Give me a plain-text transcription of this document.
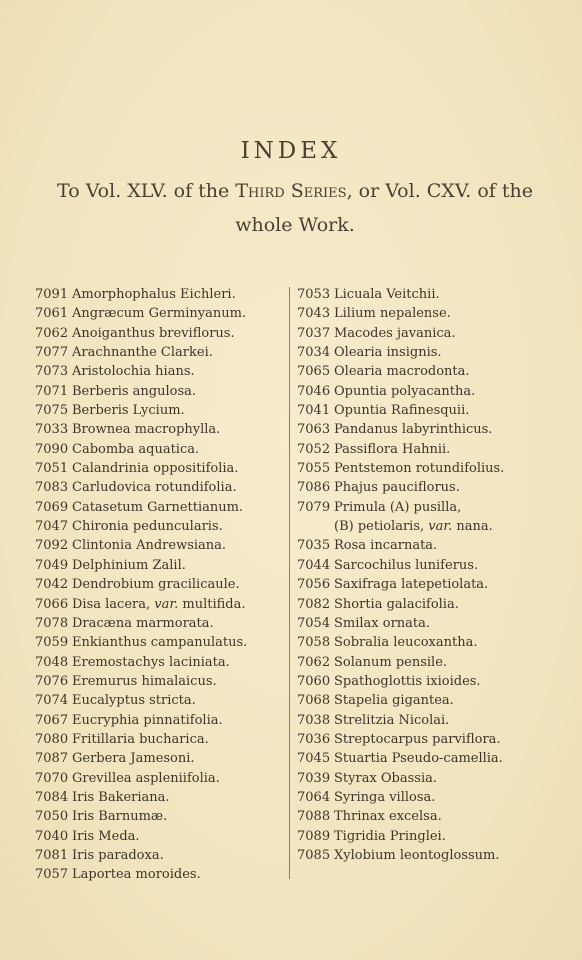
INDEX
To Vol. XLV. of the Third Series, or Vol. CXV. of the
whole Work.
7091 Amorphophalus Eichleri.
7061 Angræcum Germinyanum.
7062 Anoiganthus breviflorus.
7077 Arachnanthe Clarkei.
7073 Aristolochia hians.
7071 Berberis angulosa.
7075 Berberis Lycium.
7033 Brownea macrophylla.
7090 Cabomba aquatica.
7051 Calandrinia oppositifolia.
7083 Carludovica rotundifolia.
7069 Catasetum Garnettianum.
7047 Chironia peduncularis.
7092 Clintonia Andrewsiana.
7049 Delphinium Zalil.
7042 Dendrobium gracilicaule.
7066 Disa lacera, var. multifida.
7078 Dracæna marmorata.
7059 Enkianthus campanulatus.
7048 Eremostachys laciniata.
7076 Eremurus himalaicus.
7074 Eucalyptus stricta.
7067 Eucryphia pinnatifolia.
7080 Fritillaria bucharica.
7087 Gerbera Jamesoni.
7070 Grevillea aspleniifolia.
7084 Iris Bakeriana.
7050 Iris Barnumæ.
7040 Iris Meda.
7081 Iris paradoxa.
7057 Laportea moroides.
7053 Licuala Veitchii.
7043 Lilium nepalense.
7037 Macodes javanica.
7034 Olearia insignis.
7065 Olearia macrodonta.
7046 Opuntia polyacantha.
7041 Opuntia Rafinesquii.
7063 Pandanus labyrinthicus.
7052 Passiflora Hahnii.
7055 Pentstemon rotundifolius.
7086 Phajus pauciflorus.
7079 Primula (A) pusilla,
(B) petiolaris, var. nana.
7035 Rosa incarnata.
7044 Sarcochilus luniferus.
7056 Saxifraga latepetiolata.
7082 Shortia galacifolia.
7054 Smilax ornata.
7058 Sobralia leucoxantha.
7062 Solanum pensile.
7060 Spathoglottis ixioides.
7068 Stapelia gigantea.
7038 Strelitzia Nicolai.
7036 Streptocarpus parviflora.
7045 Stuartia Pseudo-camellia.
7039 Styrax Obassia.
7064 Syringa villosa.
7088 Thrinax excelsa.
7089 Tigridia Pringlei.
7085 Xylobium leontoglossum.
